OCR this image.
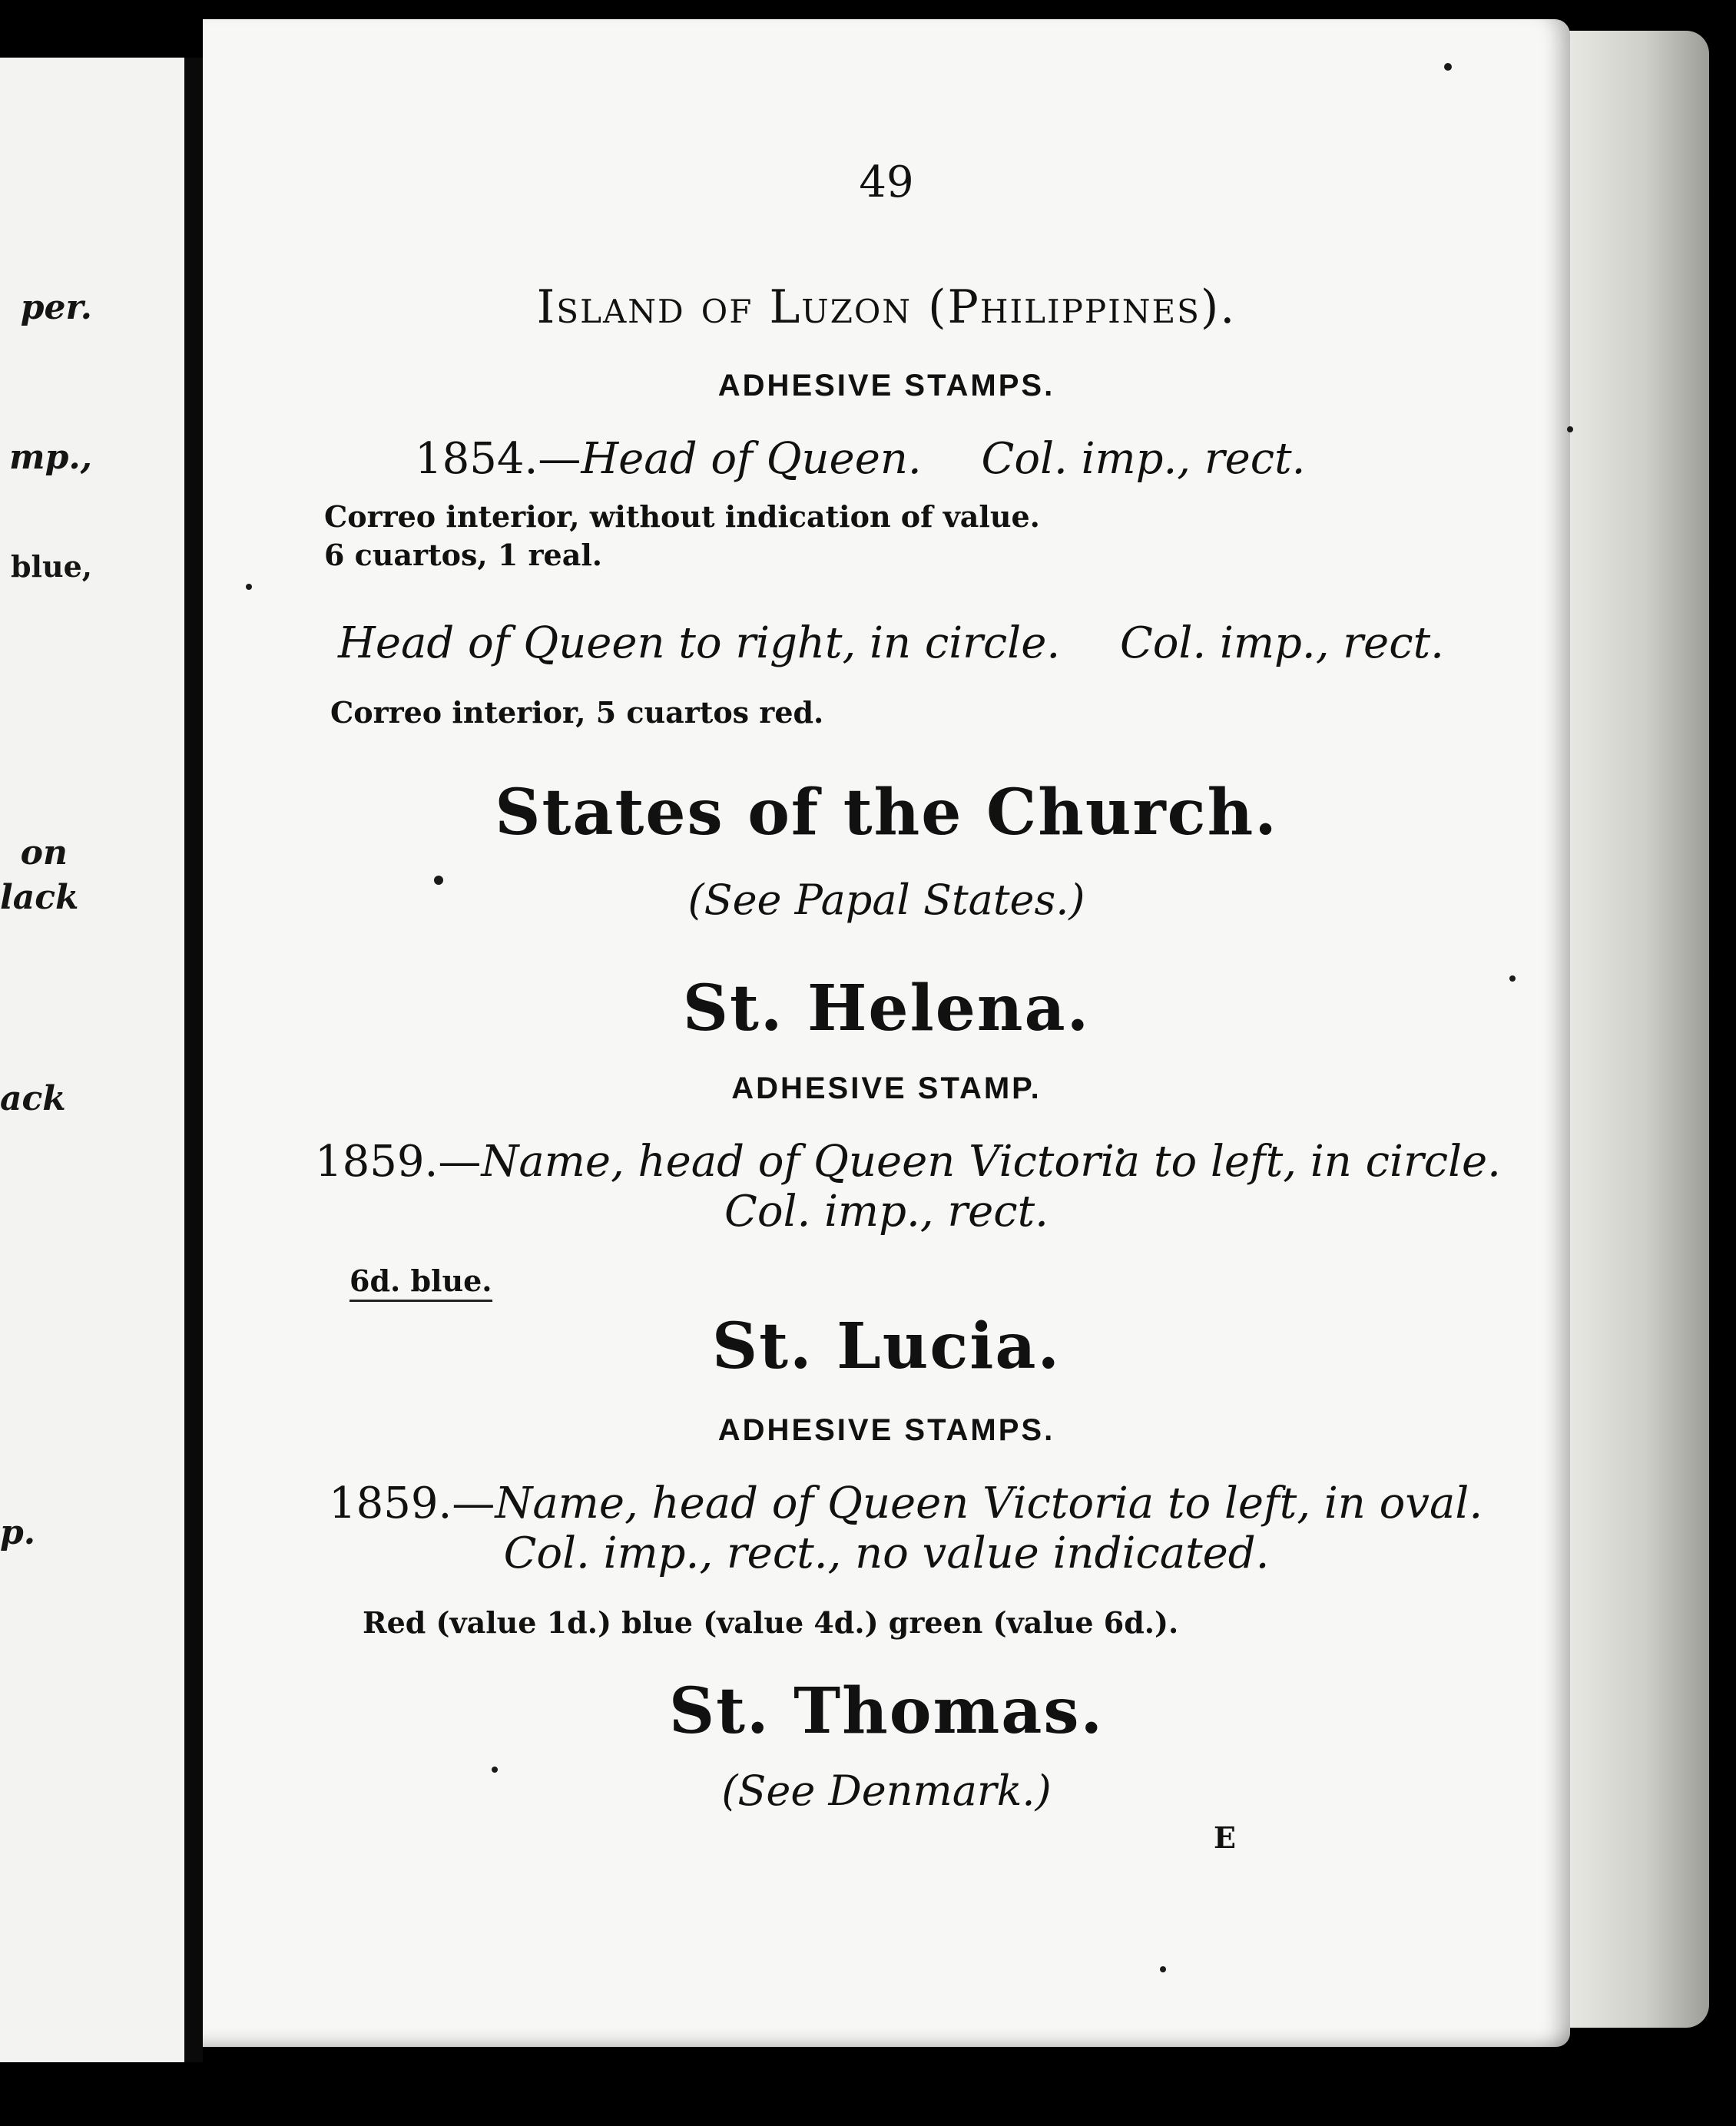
per.
mp.,
blue,
on
lack
ack
p.
49
Island of Luzon (Philippines).
ADHESIVE STAMPS.
1854.—Head of Queen. Col. imp., rect.
Correo interior, without indication of value.
6 cuartos, 1 real.
Head of Queen to right, in circle. Col. imp., rect.
Correo interior, 5 cuartos red.
States of the Church.
(See Papal States.)
St. Helena.
ADHESIVE STAMP.
1859.—Name, head of Queen Victoria to left, in circle.
Col. imp., rect.
6d. blue.
St. Lucia.
ADHESIVE STAMPS.
1859.—Name, head of Queen Victoria to left, in oval.
Col. imp., rect., no value indicated.
Red (value 1d.) blue (value 4d.) green (value 6d.).
St. Thomas.
(See Denmark.)
E
